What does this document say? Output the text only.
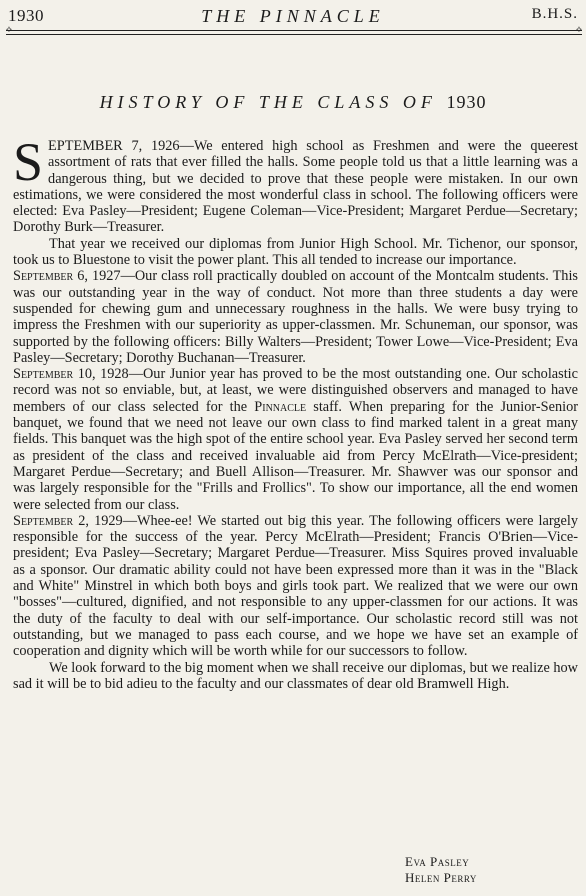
1930	THE PINNACLE	B.H.S.
⟡	⟡
HISTORY OF THE CLASS OF 1930

SEPTEMBER 7, 1926—We entered high school as Freshmen and were the queerest assortment of rats that ever filled the halls. Some people told us that a little learning was a dangerous thing, but we decided to prove that these people were mistaken. In our own estimations, we were considered the most wonderful class in school. The following officers were elected: Eva Pasley—President; Eugene Coleman—Vice-President; Margaret Perdue—Secretary; Dorothy Burk—Treasurer.

That year we received our diplomas from Junior High School. Mr. Tichenor, our sponsor, took us to Bluestone to visit the power plant. This all tended to increase our importance.

September 6, 1927—Our class roll practically doubled on account of the Montcalm students. This was our outstanding year in the way of conduct. Not more than three students a day were suspended for chewing gum and unnecessary roughness in the halls. We were busy trying to impress the Freshmen with our superiority as upper-classmen. Mr. Schuneman, our sponsor, was supported by the following officers: Billy Walters—President; Tower Lowe—Vice-President; Eva Pasley—Secretary; Dorothy Buchanan—Treasurer.

September 10, 1928—Our Junior year has proved to be the most outstanding one. Our scholastic record was not so enviable, but, at least, we were distinguished observers and managed to have members of our class selected for the Pinnacle staff. When preparing for the Junior-Senior banquet, we found that we need not leave our own class to find marked talent in a great many fields. This banquet was the high spot of the entire school year. Eva Pasley served her second term as president of the class and received invaluable aid from Percy McElrath—Vice-president; Margaret Perdue—Secretary; and Buell Allison—Treasurer. Mr. Shawver was our sponsor and was largely responsible for the "Frills and Frollics". To show our importance, all the end women were selected from our class.

September 2, 1929—Whee-ee! We started out big this year. The following officers were largely responsible for the success of the year. Percy McElrath—President; Francis O'Brien—Vice-president; Eva Pasley—Secretary; Margaret Perdue—Treasurer. Miss Squires proved invaluable as a sponsor. Our dramatic ability could not have been expressed more than it was in the "Black and White" Minstrel in which both boys and girls took part. We realized that we were our own "bosses"—cultured, dignified, and not responsible to any upper-classmen for our actions. It was the duty of the faculty to deal with our self-importance. Our scholastic record still was not outstanding, but we managed to pass each course, and we hope we have set an example of cooperation and dignity which will be worth while for our successors to follow.

We look forward to the big moment when we shall receive our diplomas, but we realize how sad it will be to bid adieu to the faculty and our classmates of dear old Bramwell High.

Eva Pasley
Helen Perry
